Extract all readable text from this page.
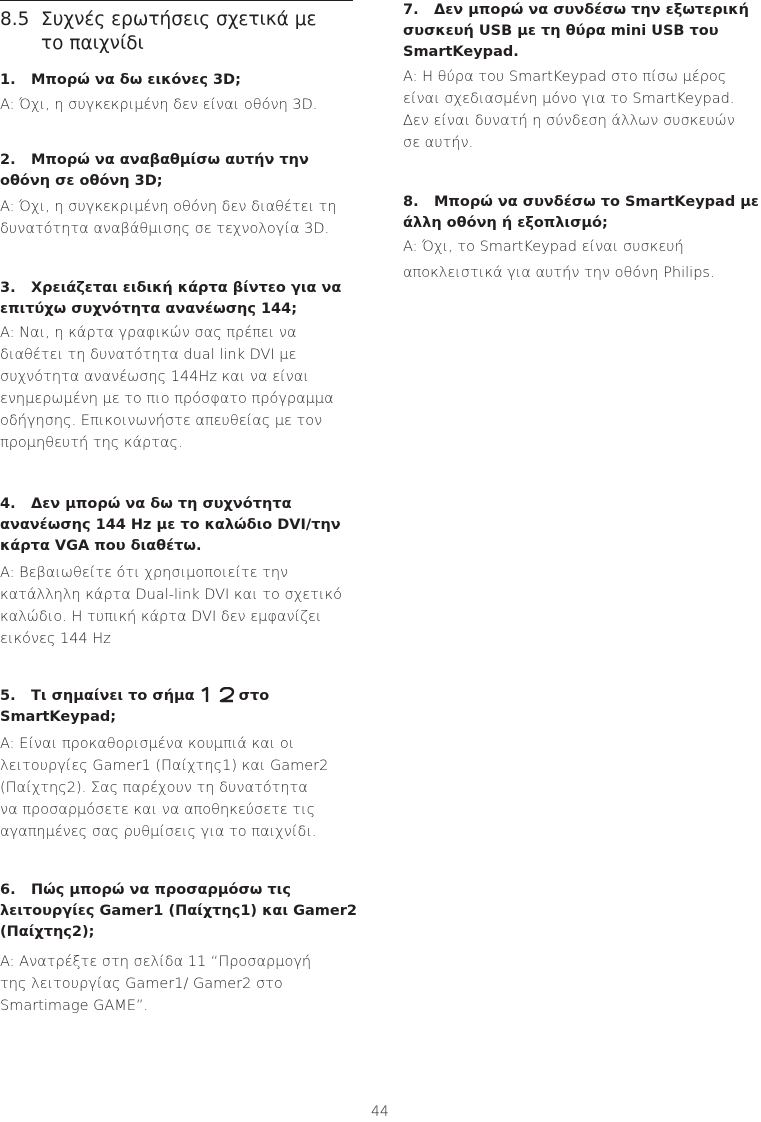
8.5 Συχνές ερωτήσεις σχετικά με
το παιχνίδι
1. Μπορώ να δω εικόνες 3D;
A: Όχι, η συγκεκριμένη δεν είναι οθόνη 3D.
2. Μπορώ να αναβαθμίσω αυτήν την
οθόνη σε οθόνη 3D;
A: Όχι, η συγκεκριμένη οθόνη δεν διαθέτει τη
δυνατότητα αναβάθμισης σε τεχνολογία 3D.
3. Χρειάζεται ειδική κάρτα βίντεο για να
επιτύχω συχνότητα ανανέωσης 144;
A: Ναι, η κάρτα γραφικών σας πρέπει να
διαθέτει τη δυνατότητα dual link DVI με
συχνότητα ανανέωσης 144Hz και να είναι
ενημερωμένη με το πιο πρόσφατο πρόγραμμα
οδήγησης. Επικοινωνήστε απευθείας με τον
προμηθευτή της κάρτας.
4. Δεν μπορώ να δω τη συχνότητα
ανανέωσης 144 Hz με το καλώδιο DVI/την
κάρτα VGA που διαθέτω.
A: Βεβαιωθείτε ότι χρησιμοποιείτε την
κατάλληλη κάρτα Dual-link DVI και το σχετικό
καλώδιο. Η τυπική κάρτα DVI δεν εμφανίζει
εικόνες 144 Hz
5. Τι σημαίνει το σήμα	στο
SmartKeypad;
A: Είναι προκαθορισμένα κουμπιά και οι
λειτουργίες Gamer1 (Παίχτης1) και Gamer2
(Παίχτης2). Σας παρέχουν τη δυνατότητα
να προσαρμόσετε και να αποθηκεύσετε τις
αγαπημένες σας ρυθμίσεις για το παιχνίδι.
6. Πώς μπορώ να προσαρμόσω τις
λειτουργίες Gamer1 (Παίχτης1) και Gamer2
(Παίχτης2);
A: Ανατρέξτε στη σελίδα 11 “Προσαρμογή
της λειτουργίας Gamer1/ Gamer2 στο
Smartimage GAME”.
7. Δεν μπορώ να συνδέσω την εξωτερική
συσκευή USB με τη θύρα mini USB του
SmartKeypad.
A: Η θύρα του SmartKeypad στο πίσω μέρος
είναι σχεδιασμένη μόνο για το SmartKeypad.
Δεν είναι δυνατή η σύνδεση άλλων συσκευών
σε αυτήν.
8. Μπορώ να συνδέσω το SmartKeypad με
άλλη οθόνη ή εξοπλισμό;
A: Όχι, το SmartKeypad είναι συσκευή
αποκλειστικά για αυτήν την οθόνη Philips.
44
